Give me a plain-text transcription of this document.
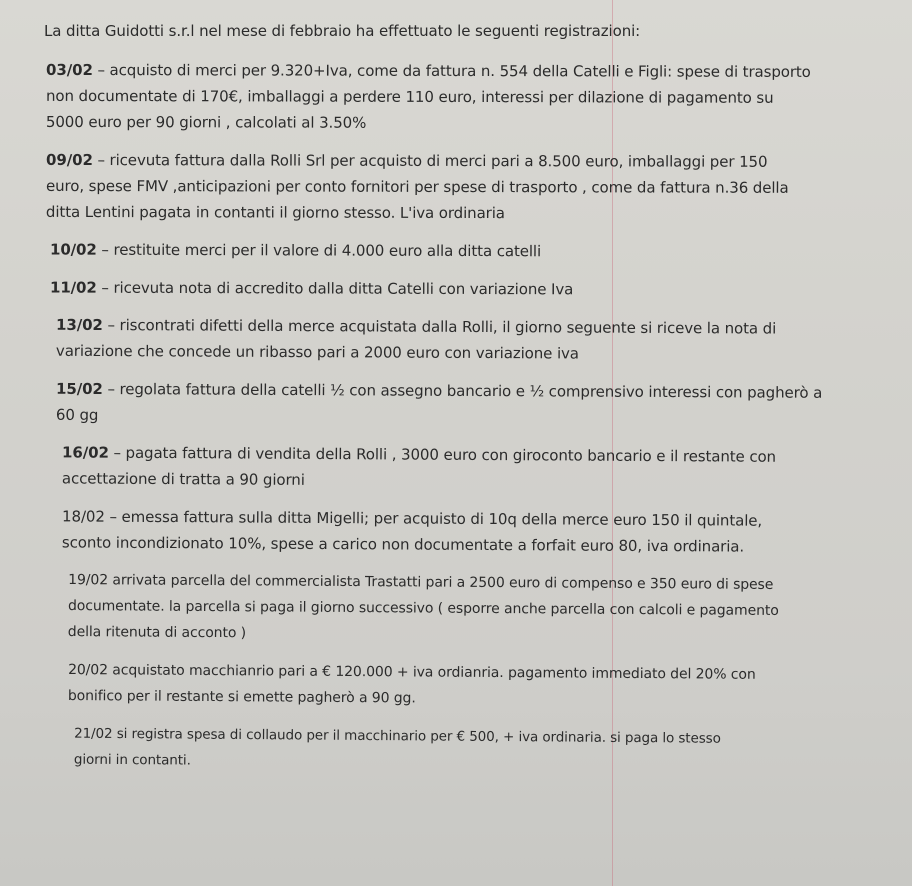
La ditta Guidotti s.r.l nel mese di febbraio ha effettuato le seguenti registrazioni:

03/02 – acquisto di merci per 9.320+Iva, come da fattura n. 554 della Catelli e Figli: spese di trasporto

non documentate di 170€, imballaggi a perdere 110 euro, interessi per dilazione di pagamento su

5000 euro per 90 giorni , calcolati al 3.50%

09/02 – ricevuta fattura dalla Rolli Srl per acquisto di merci pari a 8.500 euro, imballaggi per 150

euro, spese FMV ,anticipazioni per conto fornitori per spese di trasporto , come da fattura n.36 della

ditta Lentini pagata in contanti il giorno stesso. L'iva ordinaria

10/02 – restituite merci per il valore di 4.000 euro alla ditta catelli

11/02 – ricevuta nota di accredito dalla ditta Catelli con variazione Iva

13/02 – riscontrati difetti della merce acquistata dalla Rolli, il giorno seguente si riceve la nota di

variazione che concede un ribasso pari a 2000 euro con variazione iva

15/02 – regolata fattura della catelli ½ con assegno bancario e ½ comprensivo interessi con pagherò a

60 gg

16/02 – pagata fattura di vendita della Rolli , 3000 euro con giroconto bancario e il restante con

accettazione di tratta a 90 giorni

18/02 – emessa fattura sulla ditta Migelli; per acquisto di 10q della merce euro 150 il quintale,

sconto incondizionato 10%, spese a carico non documentate a forfait euro 80, iva ordinaria.

19/02 arrivata parcella del commercialista Trastatti pari a 2500 euro di compenso e 350 euro di spese

documentate. la parcella si paga il giorno successivo ( esporre anche parcella con calcoli e pagamento

della ritenuta di acconto )

20/02 acquistato macchianrio pari a € 120.000 + iva ordianria. pagamento immediato del 20% con

bonifico per il restante si emette pagherò a 90 gg.

21/02 si registra spesa di collaudo per il macchinario per € 500, + iva ordinaria. si paga lo stesso

giorni in contanti.
